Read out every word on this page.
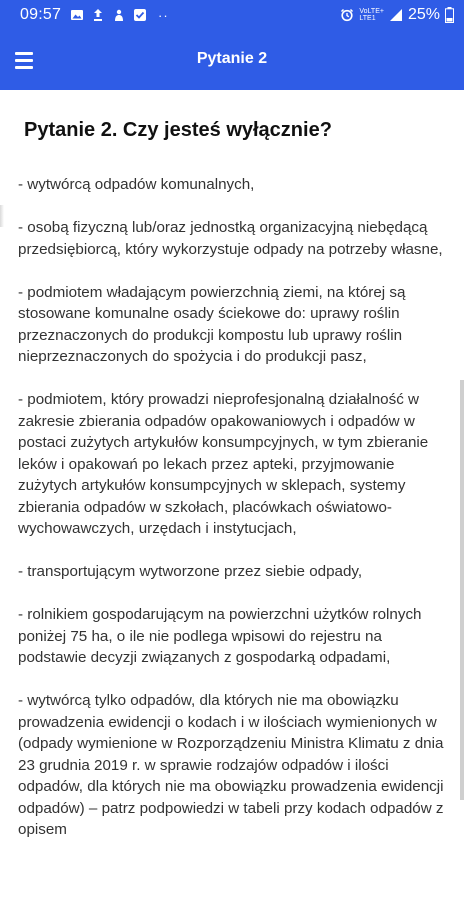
09:57	··	VoLTE+
LTE1	25%
Pytanie 2
Pytanie 2. Czy jesteś wyłącznie?
- wytwórcą odpadów komunalnych,
- osobą fizyczną lub/oraz jednostką organizacyjną niebędącą przedsiębiorcą, który wykorzystuje odpady na potrzeby własne,
- podmiotem władającym powierzchnią ziemi, na której są stosowane komunalne osady ściekowe do: uprawy roślin przeznaczonych do produkcji kompostu lub uprawy roślin nieprzeznaczonych do spożycia i do produkcji pasz,
- podmiotem, który prowadzi nieprofesjonalną działalność w zakresie zbierania odpadów opakowaniowych i odpadów w postaci zużytych artykułów konsumpcyjnych, w tym zbieranie leków i opakowań po lekach przez apteki, przyjmowanie zużytych artykułów konsumpcyjnych w sklepach, systemy zbierania odpadów w szkołach, placówkach oświatowo-wychowawczych, urzędach i instytucjach,
- transportującym wytworzone przez siebie odpady,
- rolnikiem gospodarującym na powierzchni użytków rolnych poniżej 75 ha, o ile nie podlega wpisowi do rejestru na podstawie decyzji związanych z gospodarką odpadami,
- wytwórcą tylko odpadów, dla których nie ma obowiązku prowadzenia ewidencji o kodach i w ilościach wymienionych w (odpady wymienione w Rozporządzeniu Ministra Klimatu z dnia 23 grudnia 2019 r. w sprawie rodzajów odpadów i ilości odpadów, dla których nie ma obowiązku prowadzenia ewidencji odpadów) – patrz podpowiedzi w tabeli przy kodach odpadów z opisem
